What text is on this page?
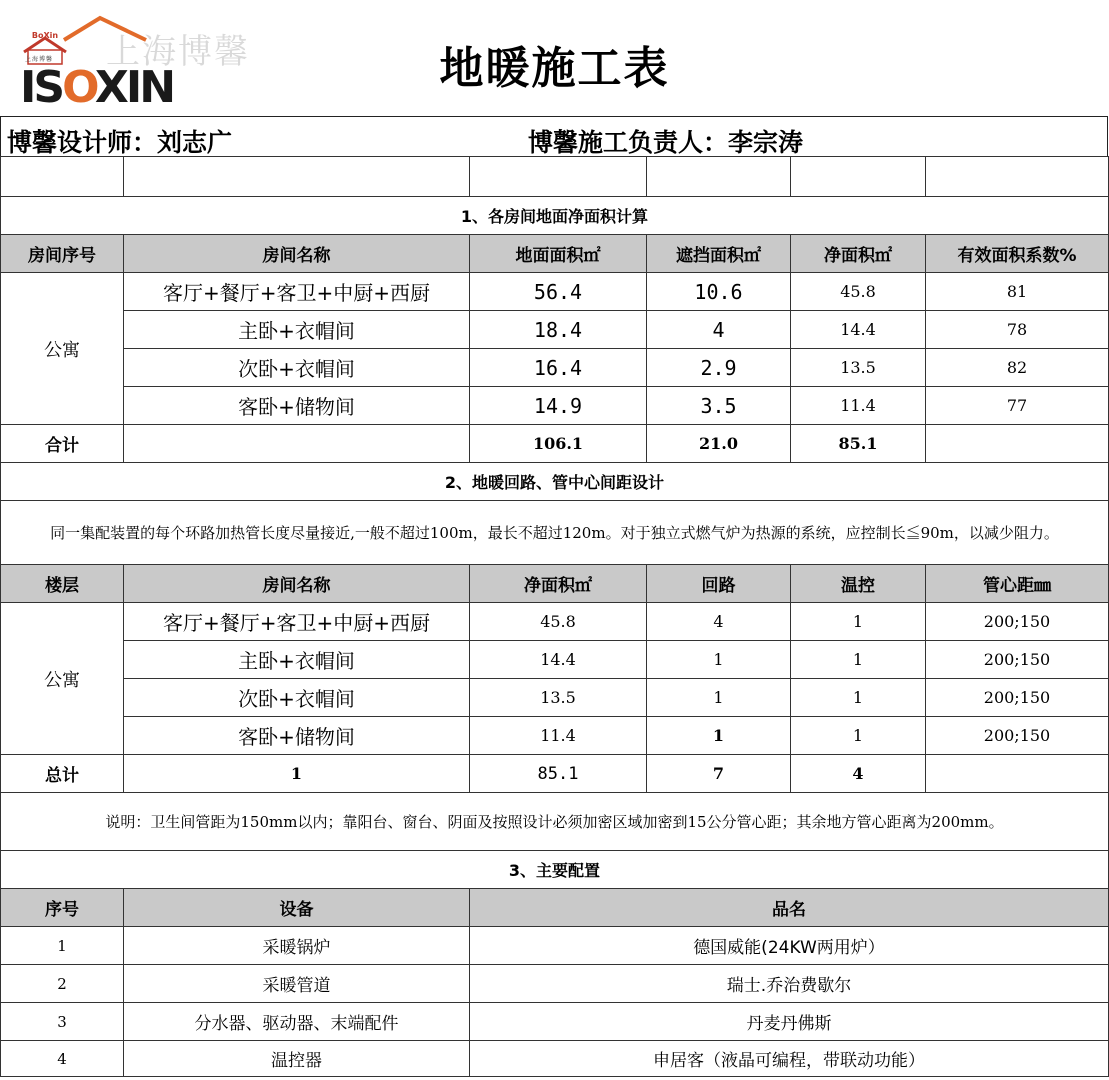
BoXin
上海博馨
ISOXIN
上海博馨	地暖施工表
博馨设计师：刘志广	博馨施工负责人：李宗涛

1、各房间地面净面积计算					
房间序号	房间名称	地面面积㎡	遮挡面积㎡	净面积㎡	有效面积系数%
公寓	客厅+餐厅+客卫+中厨+西厨	56.4	10.6	45.8	81
	主卧+衣帽间	18.4	4	14.4	78
	次卧+衣帽间	16.4	2.9	13.5	82
	客卧+储物间	14.9	3.5	11.4	77
合计		106.1	21.0	85.1	
2、地暖回路、管中心间距设计					
同一集配装置的每个环路加热管长度尽量接近,一般不超过100m，最长不超过120m。对于独立式燃气炉为热源的系统，应控制长≦90m，以减少阻力。					
楼层	房间名称	净面积㎡	回路	温控	管心距㎜
公寓	客厅+餐厅+客卫+中厨+西厨	45.8	4	1	200;150
	主卧+衣帽间	14.4	1	1	200;150
	次卧+衣帽间	13.5	1	1	200;150
	客卧+储物间	11.4	1	1	200;150
总计	1	85.1	7	4	
说明：卫生间管距为150mm以内；靠阳台、窗台、阴面及按照设计必须加密区域加密到15公分管心距；其余地方管心距离为200mm。					
3、主要配置					
序号	设备	品名			
1	采暖锅炉	德国威能(24KW两用炉）			
2	采暖管道	瑞士.乔治费歇尔			
3	分水器、驱动器、末端配件	丹麦丹佛斯			
4	温控器	申居客（液晶可编程，带联动功能）			
